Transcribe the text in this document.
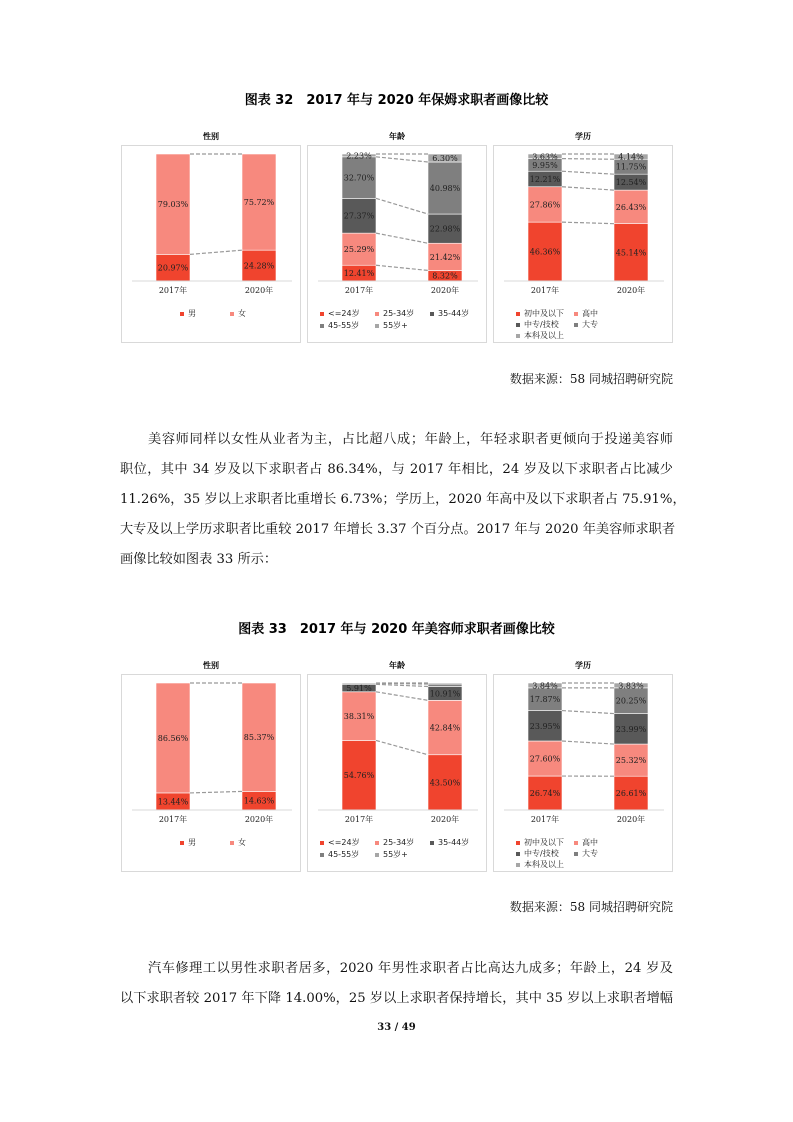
图表 32　2017 年与 2020 年保姆求职者画像比较
性别
20.97%
79.03%
2017年
24.28%
75.72%
2020年
男	女
年龄
12.41%
25.29%
27.37%
32.70%
2.23%
2017年
8.32%
21.42%
22.98%
40.98%
6.30%
2020年
<=24岁	25-34岁	35-44岁
45-55岁	55岁+
学历
46.36%
27.86%
12.21%
9.95%
3.63%
2017年
45.14%
26.43%
12.54%
11.75%
4.14%
2020年
初中及以下	高中
中专/技校	大专
本科及以上
数据来源：58 同城招聘研究院
美容师同样以女性从业者为主，占比超八成；年龄上，年轻求职者更倾向于投递美容师
职位，其中 34 岁及以下求职者占 86.34%，与 2017 年相比，24 岁及以下求职者占比减少
11.26%，35 岁以上求职者比重增长 6.73%；学历上，2020 年高中及以下求职者占 75.91%，
大专及以上学历求职者比重较 2017 年增长 3.37 个百分点。2017 年与 2020 年美容师求职者
画像比较如图表 33 所示：
图表 33　2017 年与 2020 年美容师求职者画像比较
性别
13.44%
86.56%
2017年
14.63%
85.37%
2020年
男	女
年龄
54.76%
38.31%
5.91%
2017年
43.50%
42.84%
10.91%
2020年
<=24岁	25-34岁	35-44岁
45-55岁	55岁+
学历
26.74%
27.60%
23.95%
17.87%
3.84%
2017年
26.61%
25.32%
23.99%
20.25%
3.83%
2020年
初中及以下	高中
中专/技校	大专
本科及以上
数据来源：58 同城招聘研究院
汽车修理工以男性求职者居多，2020 年男性求职者占比高达九成多；年龄上，24 岁及
以下求职者较 2017 年下降 14.00%，25 岁以上求职者保持增长，其中 35 岁以上求职者增幅
33 / 49
